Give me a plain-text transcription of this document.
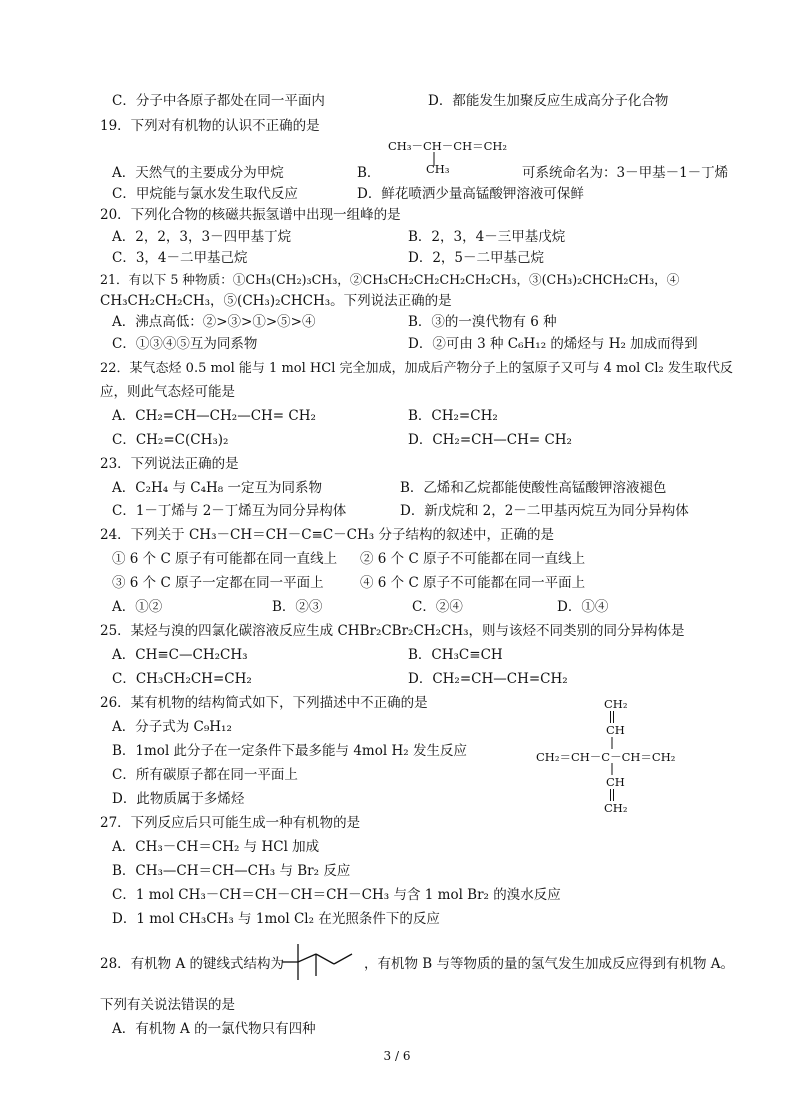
C．分子中各原子都处在同一平面内	D．都能发生加聚反应生成高分子化合物
19．下列对有机物的认识不正确的是
CH₃－CH－CH＝CH₂
CH₃
A．天然气的主要成分为甲烷	B．	可系统命名为：3－甲基－1－丁烯
C．甲烷能与氯水发生取代反应	D．鲜花喷洒少量高锰酸钾溶液可保鲜
20．下列化合物的核磁共振氢谱中出现一组峰的是
A．2，2，3，3－四甲基丁烷	B．2，3，4－三甲基戊烷
C．3，4－二甲基己烷	D．2，5－二甲基己烷
21．有以下 5 种物质：①CH₃(CH₂)₃CH₃，②CH₃CH₂CH₂CH₂CH₂CH₃，③(CH₃)₂CHCH₂CH₃，④
CH₃CH₂CH₂CH₃，⑤(CH₃)₂CHCH₃。下列说法正确的是
A．沸点高低：②>③>①>⑤>④	B．③的一溴代物有 6 种
C．①③④⑤互为同系物	D．②可由 3 种 C₆H₁₂ 的烯烃与 H₂ 加成而得到
22．某气态烃 0.5 mol 能与 1 mol HCl 完全加成，加成后产物分子上的氢原子又可与 4 mol Cl₂ 发生取代反
应，则此气态烃可能是
A．CH₂=CH—CH₂—CH= CH₂	B．CH₂=CH₂
C．CH₂=C(CH₃)₂	D．CH₂=CH—CH= CH₂
23．下列说法正确的是
A．C₂H₄ 与 C₄H₈ 一定互为同系物	B．乙烯和乙烷都能使酸性高锰酸钾溶液褪色
C．1－丁烯与 2－丁烯互为同分异构体	D．新戊烷和 2，2－二甲基丙烷互为同分异构体
24．下列关于 CH₃－CH＝CH－C≡C－CH₃ 分子结构的叙述中，正确的是
① 6 个 C 原子有可能都在同一直线上 ② 6 个 C 原子不可能都在同一直线上
③ 6 个 C 原子一定都在同一平面上	④ 6 个 C 原子不可能都在同一平面上
A．①②	B．②③	C．②④	D．①④
25．某烃与溴的四氯化碳溶液反应生成 CHBr₂CBr₂CH₂CH₃，则与该烃不同类别的同分异构体是
A．CH≡C—CH₂CH₃	B．CH₃C≡CH
C．CH₃CH₂CH=CH₂	D．CH₂=CH—CH=CH₂
26．某有机物的结构简式如下，下列描述中不正确的是
A．分子式为 C₉H₁₂
B．1mol 此分子在一定条件下最多能与 4mol H₂ 发生反应
C．所有碳原子都在同一平面上
D．此物质属于多烯烃
CH₂
CH
CH₂＝CH－C－CH＝CH₂
CH
CH₂
27．下列反应后只可能生成一种有机物的是
A．CH₃－CH＝CH₂ 与 HCl 加成
B．CH₃—CH＝CH—CH₃ 与 Br₂ 反应
C．1 mol CH₃－CH＝CH－CH＝CH－CH₃ 与含 1 mol Br₂ 的溴水反应
D．1 mol CH₃CH₃ 与 1mol Cl₂ 在光照条件下的反应
28．有机物 A 的键线式结构为	，有机物 B 与等物质的量的氢气发生加成反应得到有机物 A。
下列有关说法错误的是
A．有机物 A 的一氯代物只有四种
3 / 6
